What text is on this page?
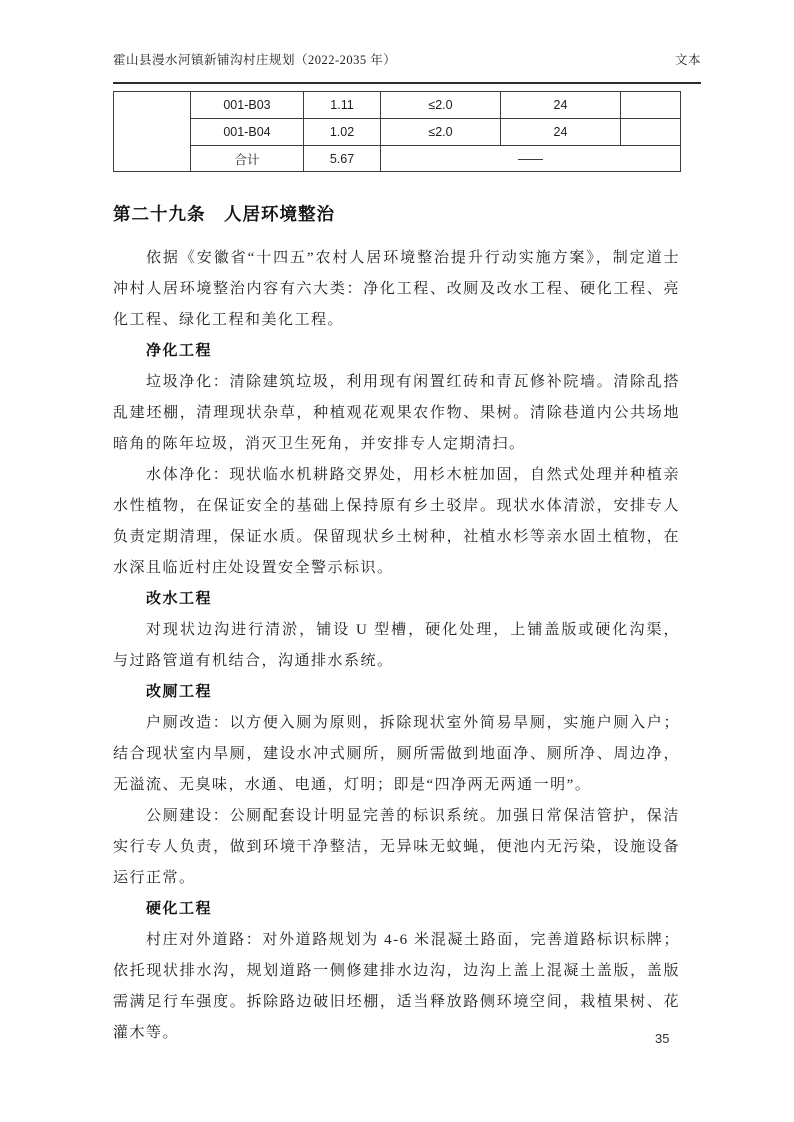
霍山县漫水河镇新铺沟村庄规划（2022-2035 年）	文本
	001-B03	1.11	≤2.0	24	
	001-B04	1.02	≤2.0	24	
	合计	5.67	——		
第二十九条　人居环境整治

依据《安徽省“十四五”农村人居环境整治提升行动实施方案》，制定道士冲村人居环境整治内容有六大类：净化工程、改厕及改水工程、硬化工程、亮化工程、绿化工程和美化工程。

净化工程

垃圾净化：清除建筑垃圾，利用现有闲置红砖和青瓦修补院墙。清除乱搭乱建坯棚，清理现状杂草，种植观花观果农作物、果树。清除巷道内公共场地暗角的陈年垃圾，消灭卫生死角，并安排专人定期清扫。

水体净化：现状临水机耕路交界处，用杉木桩加固，自然式处理并种植亲水性植物，在保证安全的基础上保持原有乡土驳岸。现状水体清淤，安排专人负责定期清理，保证水质。保留现状乡土树种，社植水杉等亲水固土植物，在水深且临近村庄处设置安全警示标识。

改水工程

对现状边沟进行清淤，铺设 U 型槽，硬化处理，上铺盖版或硬化沟渠，与过路管道有机结合，沟通排水系统。

改厕工程

户厕改造：以方便入厕为原则，拆除现状室外简易旱厕，实施户厕入户；结合现状室内旱厕，建设水冲式厕所，厕所需做到地面净、厕所净、周边净，无溢流、无臭味，水通、电通，灯明；即是“四净两无两通一明”。

公厕建设：公厕配套设计明显完善的标识系统。加强日常保洁管护，保洁实行专人负责，做到环境干净整洁，无异味无蚊蝇，便池内无污染，设施设备运行正常。

硬化工程

村庄对外道路：对外道路规划为 4-6 米混凝土路面，完善道路标识标牌；依托现状排水沟，规划道路一侧修建排水边沟，边沟上盖上混凝土盖版，盖版需满足行车强度。拆除路边破旧坯棚，适当释放路侧环境空间，栽植果树、花灌木等。	35
